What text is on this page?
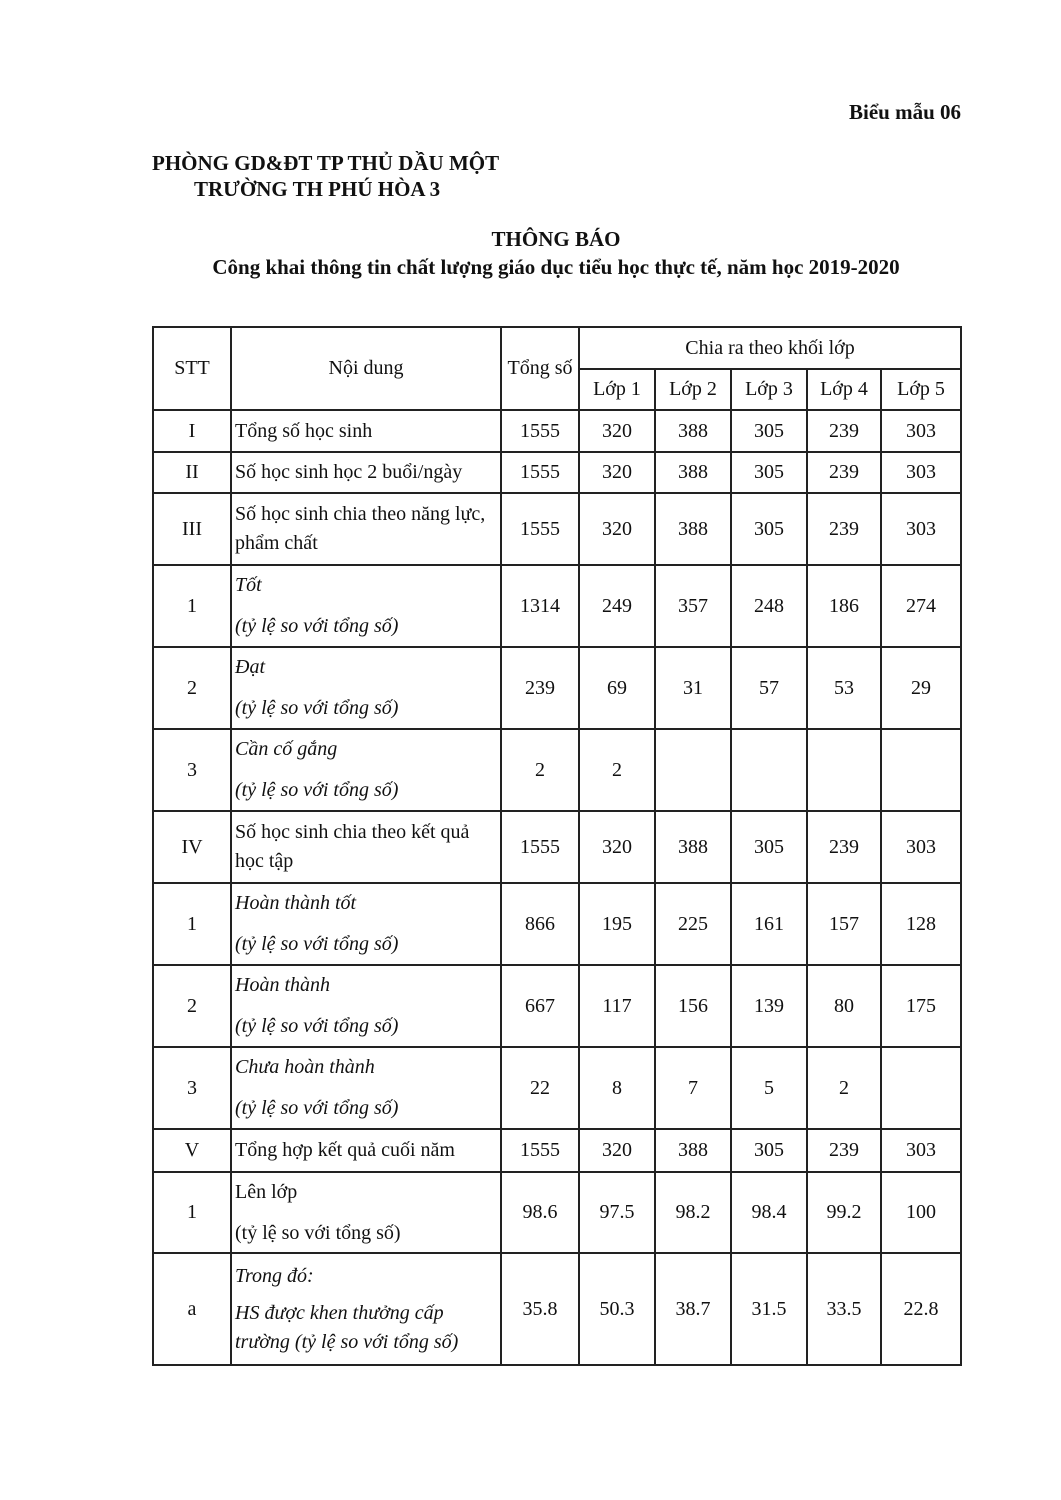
Biểu mẫu 06
PHÒNG GD&ĐT TP THỦ DẦU MỘT
TRƯỜNG TH PHÚ HÒA 3
THÔNG BÁO
Công khai thông tin chất lượng giáo dục tiểu học thực tế, năm học 2019-2020
STT	Nội dung	Tổng số	Chia ra theo khối lớp				
			Lớp 1	Lớp 2	Lớp 3	Lớp 4	Lớp 5
I	Tổng số học sinh	1555	320	388	305	239	303
II	Số học sinh học 2 buổi/ngày	1555	320	388	305	239	303
III	Số học sinh chia theo năng lực, phẩm chất	1555	320	388	305	239	303
1	Tốt
(tỷ lệ so với tổng số)	1314	249	357	248	186	274
2	Đạt
(tỷ lệ so với tổng số)	239	69	31	57	53	29
3	Cần cố gắng
(tỷ lệ so với tổng số)	2	2				
IV	Số học sinh chia theo kết quả học tập	1555	320	388	305	239	303
1	Hoàn thành tốt
(tỷ lệ so với tổng số)	866	195	225	161	157	128
2	Hoàn thành
(tỷ lệ so với tổng số)	667	117	156	139	80	175
3	Chưa hoàn thành
(tỷ lệ so với tổng số)	22	8	7	5	2	
V	Tổng hợp kết quả cuối năm	1555	320	388	305	239	303
1	Lên lớp
(tỷ lệ so với tổng số)	98.6	97.5	98.2	98.4	99.2	100
a	Trong đó:
HS được khen thưởng cấp trường (tỷ lệ so với tổng số)	35.8	50.3	38.7	31.5	33.5	22.8
